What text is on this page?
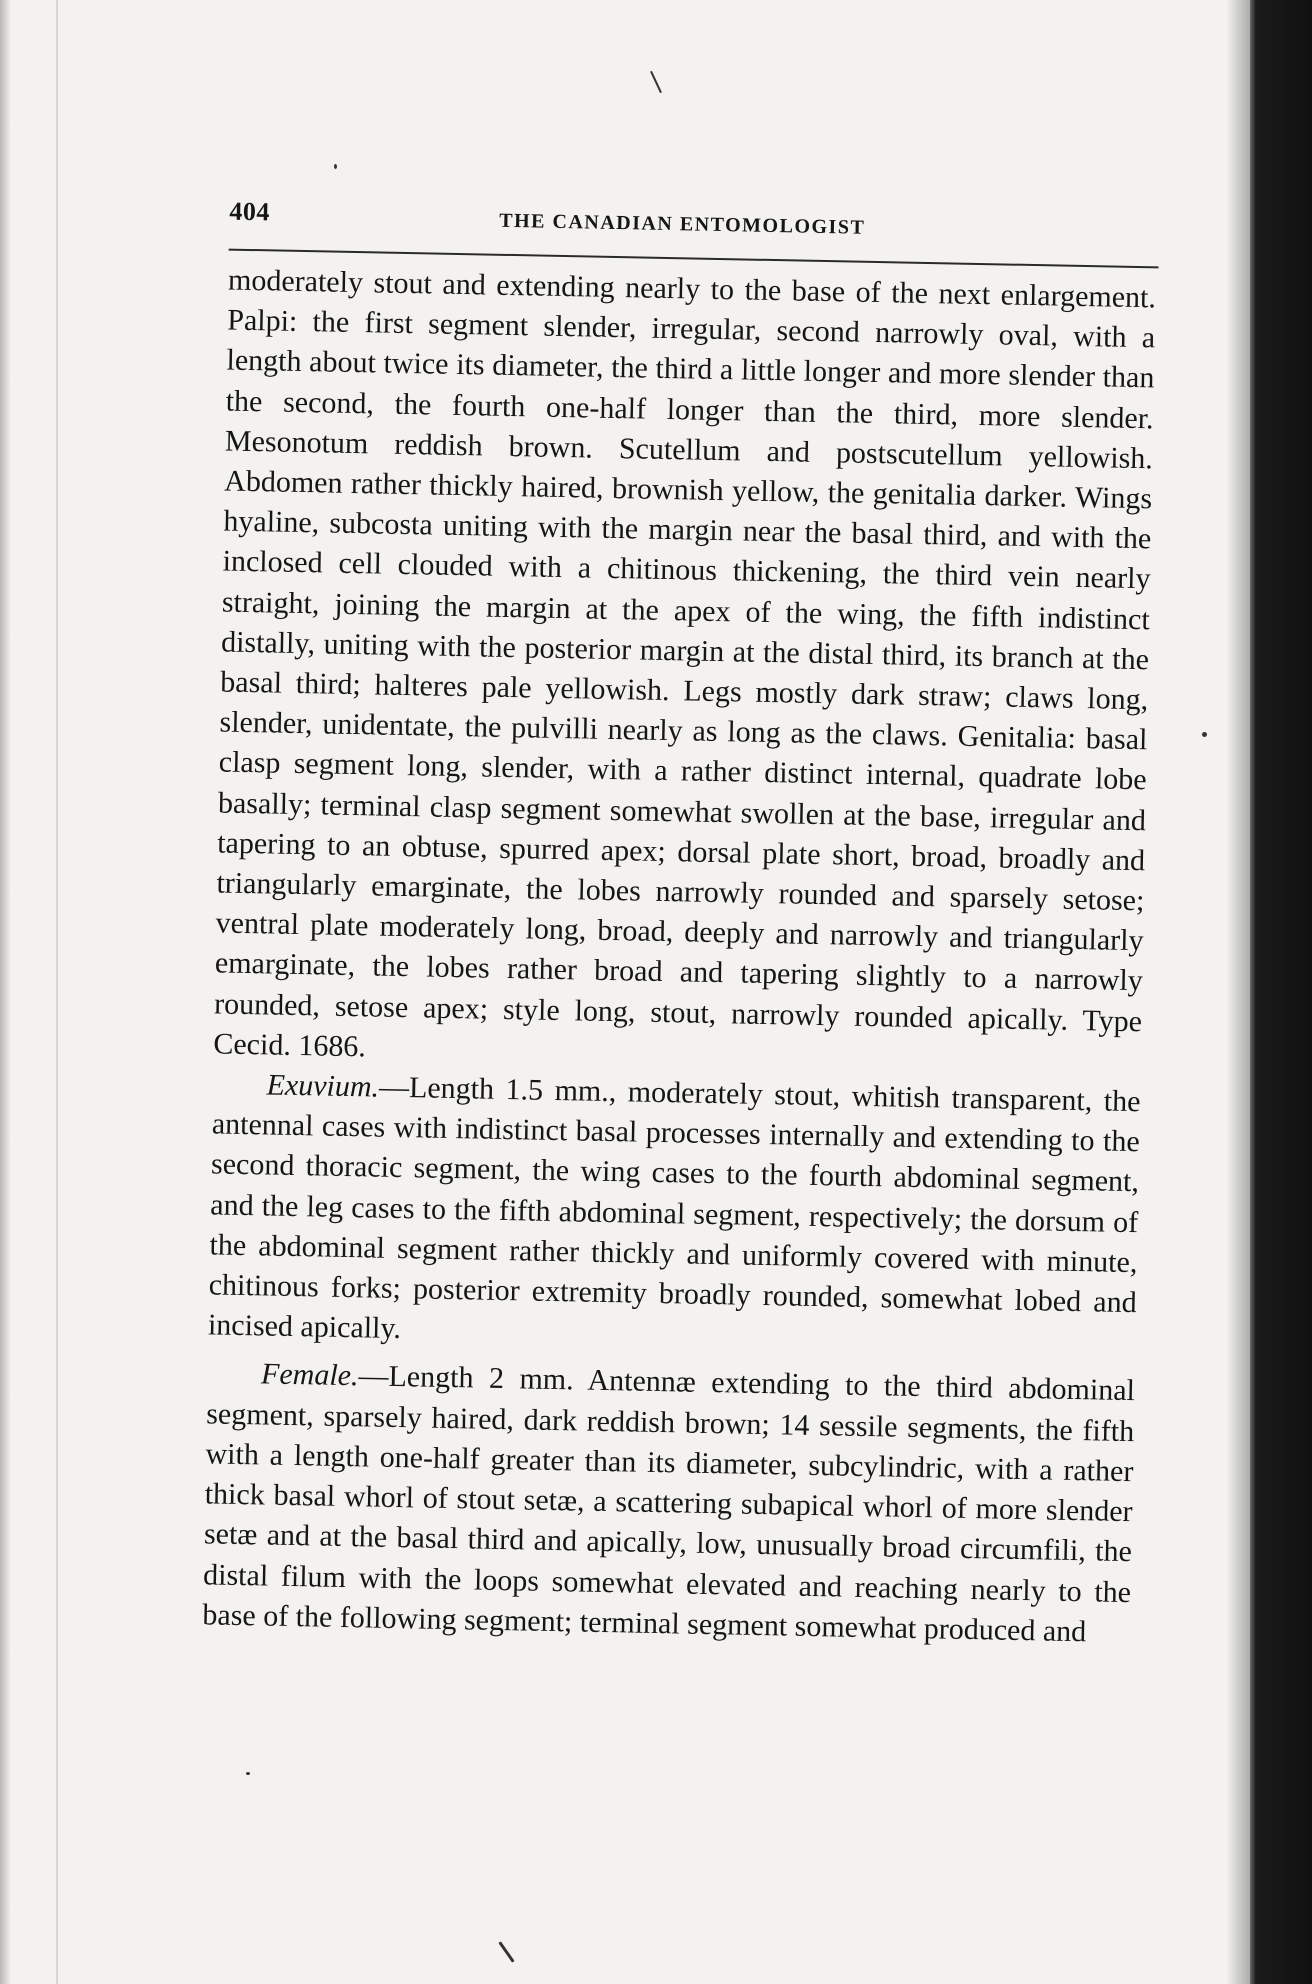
404	THE CANADIAN ENTOMOLOGIST

moderately stout and extending nearly to the base of the next enlargement. Palpi: the first segment slender, irregular, second narrowly oval, with a length about twice its diameter, the third a little longer and more slender than the second, the fourth one-half longer than the third, more slender. Mesonotum reddish brown. Scutellum and postscutellum yellowish. Abdomen rather thickly haired, brownish yellow, the genitalia darker. Wings hyaline, subcosta uniting with the margin near the basal third, and with the inclosed cell clouded with a chitinous thickening, the third vein nearly straight, joining the margin at the apex of the wing, the fifth indistinct distally, uniting with the posterior margin at the distal third, its branch at the basal third; halteres pale yellowish. Legs mostly dark straw; claws long, slender, unidentate, the pulvilli nearly as long as the claws. Genitalia: basal clasp segment long, slender, with a rather distinct internal, quadrate lobe basally; terminal clasp segment somewhat swollen at the base, irregular and tapering to an obtuse, spurred apex; dorsal plate short, broad, broadly and triangularly emarginate, the lobes narrowly rounded and sparsely setose; ventral plate moderately long, broad, deeply and narrowly and triangularly emarginate, the lobes rather broad and tapering slightly to a narrowly rounded, setose apex; style long, stout, narrowly rounded apically. Type Cecid. 1686.

Exuvium.—Length 1.5 mm., moderately stout, whitish transparent, the antennal cases with indistinct basal processes internally and extending to the second thoracic segment, the wing cases to the fourth abdominal segment, and the leg cases to the fifth abdominal segment, respectively; the dorsum of the abdominal segment rather thickly and uniformly covered with minute, chitinous forks; posterior extremity broadly rounded, somewhat lobed and incised apically.

Female.—Length 2 mm. Antennæ extending to the third abdominal segment, sparsely haired, dark reddish brown; 14 sessile segments, the fifth with a length one-half greater than its diameter, subcylindric, with a rather thick basal whorl of stout setæ, a scattering subapical whorl of more slender setæ and at the basal third and apically, low, unusually broad circumfili, the distal filum with the loops somewhat elevated and reaching nearly to the base of the following segment; terminal segment somewhat produced and
